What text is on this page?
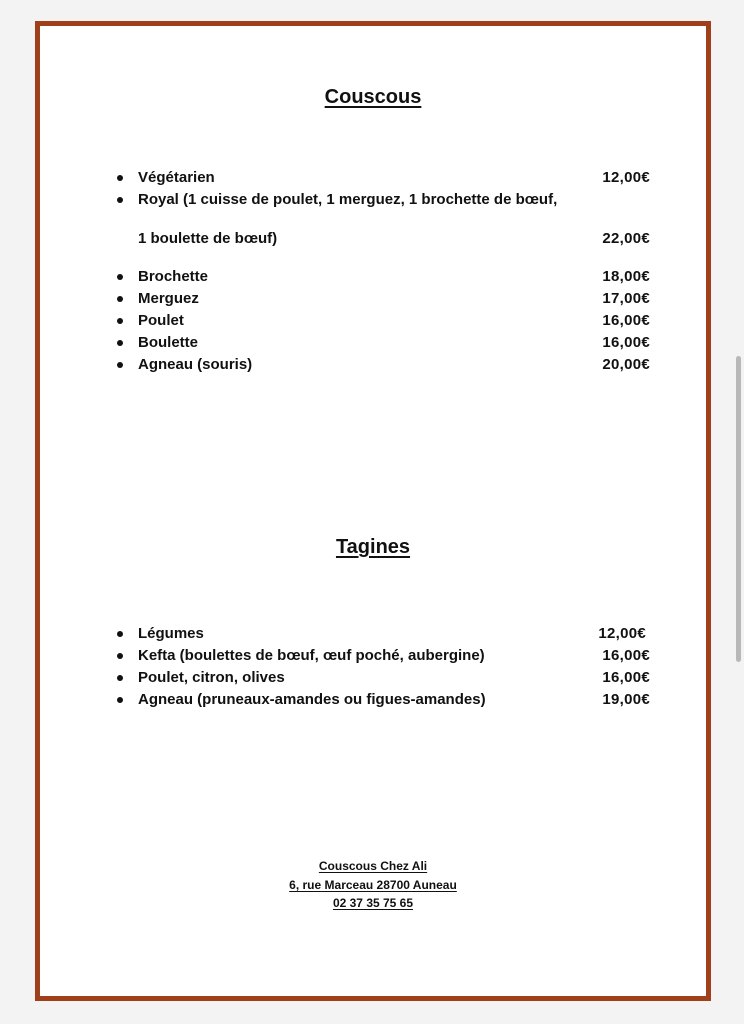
Couscous
Végétarien	12,00€
Royal (1 cuisse de poulet, 1 merguez, 1 brochette de bœuf,
1 boulette de bœuf)	22,00€
Brochette	18,00€
Merguez	17,00€
Poulet	16,00€
Boulette	16,00€
Agneau (souris)	20,00€
Tagines
Légumes	12,00€
Kefta (boulettes de bœuf, œuf poché, aubergine)	16,00€
Poulet, citron, olives	16,00€
Agneau (pruneaux-amandes ou figues-amandes)	19,00€
Couscous Chez Ali
6, rue Marceau 28700 Auneau
02 37 35 75 65
